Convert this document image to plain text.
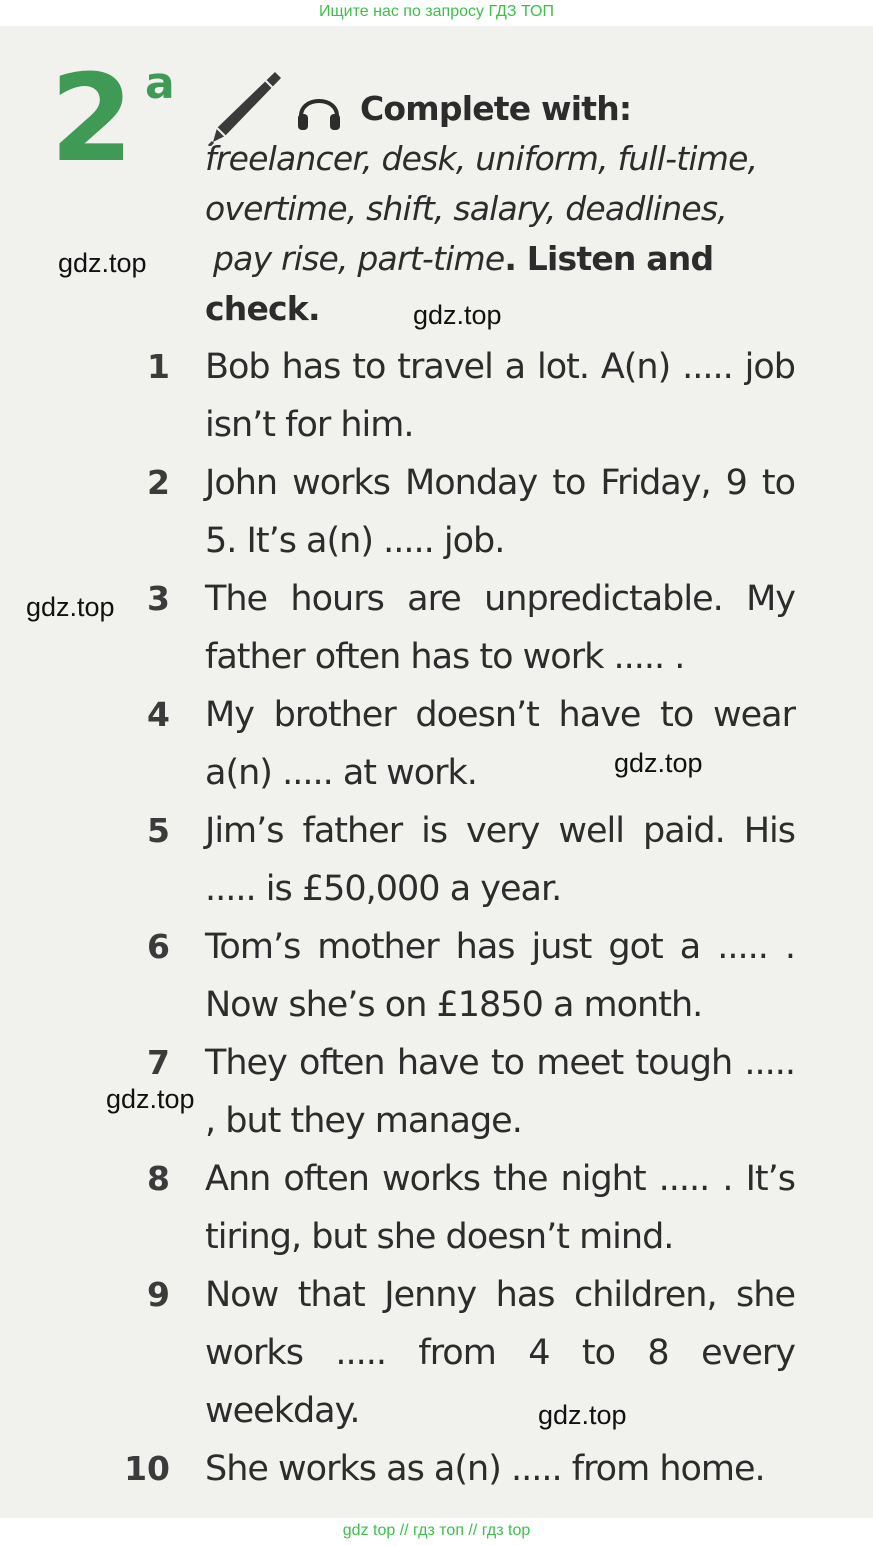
Ищите нас по запросу ГДЗ ТОП
2 a	Complete with:
freelancer, desk, uniform, full-time,
overtime, shift, salary, deadlines,
pay rise, part-time. Listen and
check.
1 Bob has to travel a lot. A(n) ..... job isn’t for him.
2 John works Monday to Friday, 9 to 5. It’s a(n) ..... job.
3 The hours are unpredictable. My father often has to work ..... .
4 My brother doesn’t have to wear a(n) ..... at work.
5 Jim’s father is very well paid. His ..... is £50,000 a year.
6 Tom’s mother has just got a ..... . Now she’s on £1850 a month.
7 They often have to meet tough ..... , but they manage.
8 Ann often works the night ..... . It’s tiring, but she doesn’t mind.
9 Now that Jenny has children, she works ..... from 4 to 8 every weekday.
10 She works as a(n) ..... from home.
gdz.top
gdz.top
gdz.top
gdz.top
gdz.top
gdz.top
gdz top // гдз топ // гдз top
